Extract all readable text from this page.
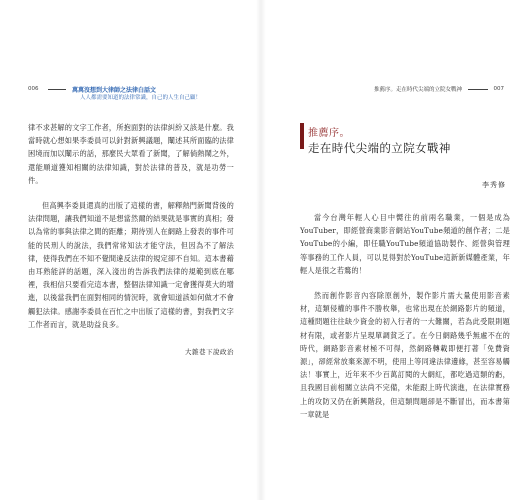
006	萬萬沒想到大律師之法律白話文
人人都需要知道的法律常識，自己的人生自己顧！

律不求甚解的文字工作者，所抱面對的法律糾紛又該是什麼。我當時就心想如果李委員可以針對新興議題，闡述其所面臨的法律困境而加以闡示的話，那麼民大眾看了新聞，了解倘熱鬧之外，還能順道獲知相關的法律知識，對於法律的普及，就是功勞一件。

但高興李委員還真的出版了這樣的書，解釋熱門新聞背後的法律問題，讓我們知道不是想當然爾的結果就是事實的真相；發以為常的事與法律之間的距離；期待別人在網路上發表的事件可能的民刑人的說法，我們常常知法才能守法，但因為不了解法律，使得我們在不知不覺間違反法律的規定卻不自知。這本書藉由耳熟能詳的話題，深入淺出的告訴我們法律的規範到底在哪裡，我相信只要看完這本書，整個法律知識一定會獲得莫大的增進，以後當我們在面對相同的情況時，就會知道該如何做才不會觸犯法律。感謝李委員在百忙之中出版了這樣的書，對我們文字工作者而言，就是助益良多。

大雜巷下說政治
推薦序。走在時代尖端的立院女戰神	007
推薦序。
走在時代尖端的立院女戰神
李秀修

當今台灣年輕人心目中嚮往的前兩名職業，一個是成為YouTuber，即經營商業影音網站YouTube頻道的創作者；二是YouTube的小編，即任職YouTube頻道協助製作、經營與管理等事務的工作人員，可以見得對於YouTube這新新媒體產業，年輕人是很之若鶩的！

然而創作影音內容除原創外，製作影片需大量使用影音素材，這類侵權的事件不勝枚舉，也常出現在於網路影片的頻道，這種問題往往缺少資金的初入行者的一大難關，若為此受限則題材有限，或者影片呈現單調貧乏了。在今日網路幾乎無處不在的時代，網路影音素材極不可得，然網路轉載即便打著「免費資源」，卻經常放棄來源不明，使用上等同違法律邊緣，甚至容易觸法！事實上，近年來不少百萬訂閱的大網紅，都吃過這類的虧，且我國目前相關立法尚不完備，未能跟上時代演進，在法律實務上的攻防又仍在新興階段，但這類問題卻是不斷冒出，而本書第一章就是
